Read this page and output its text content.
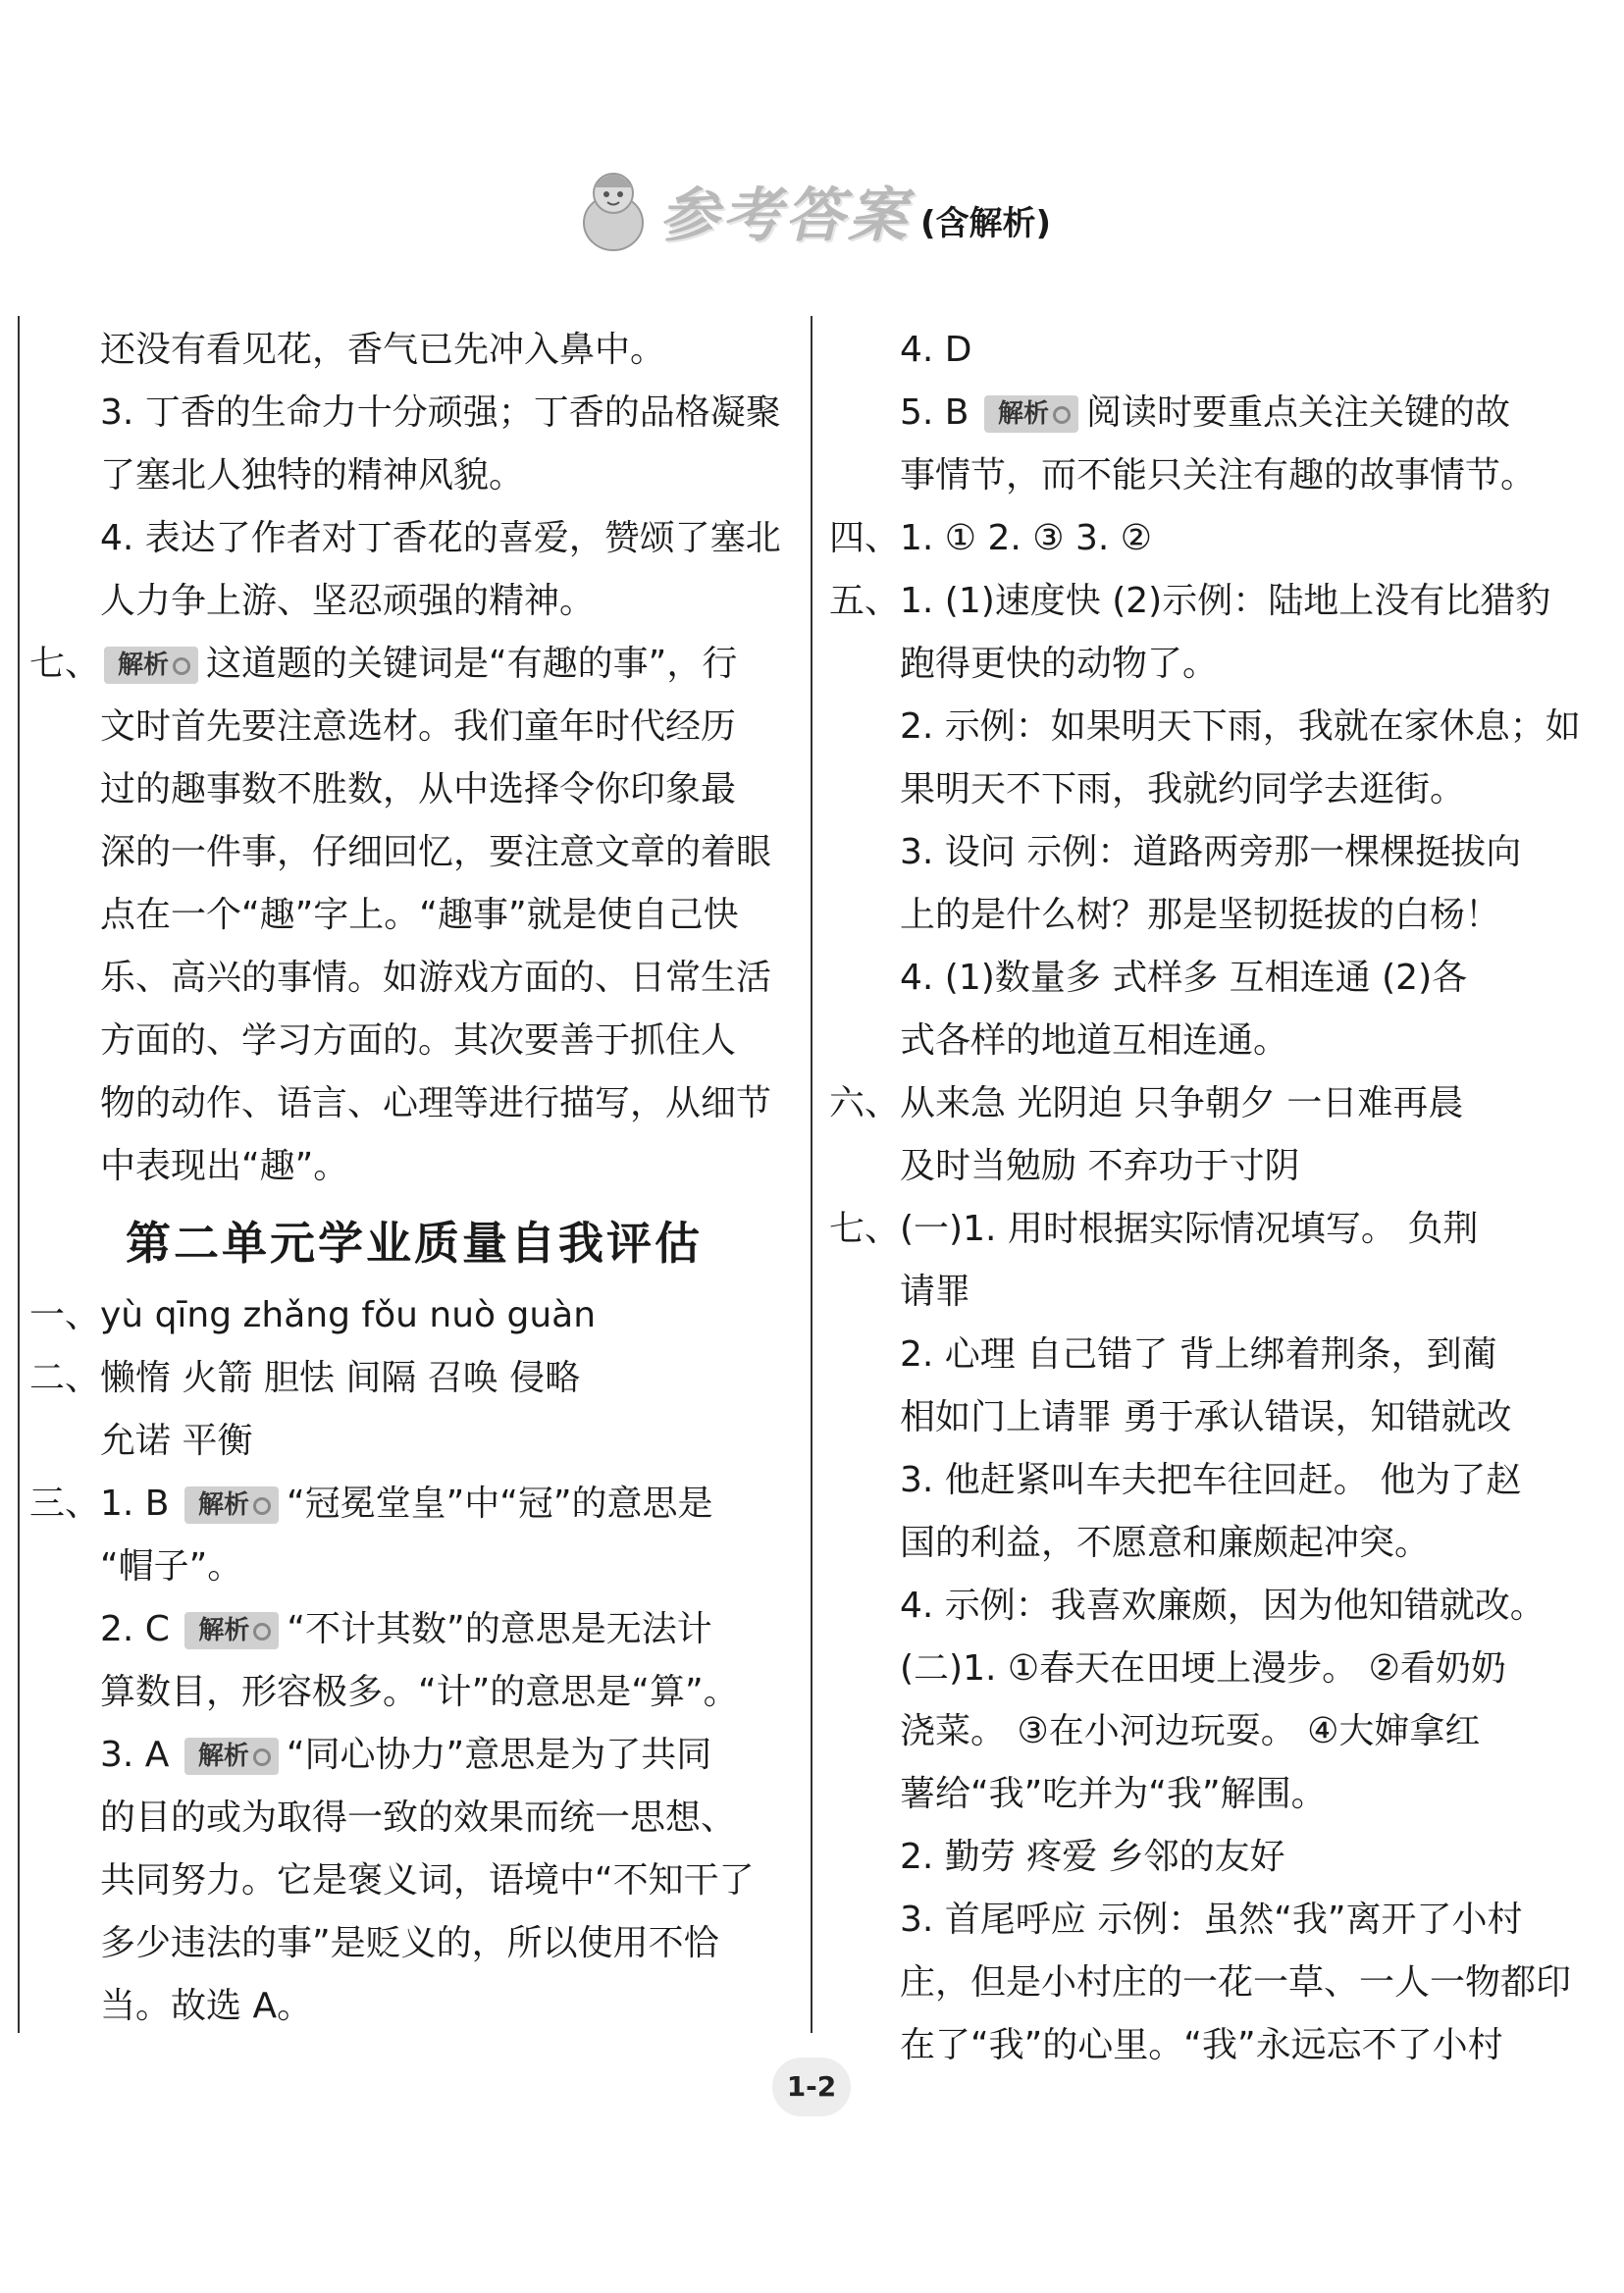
参考答案 (含解析)
还没有看见花，香气已先冲入鼻中。
3. 丁香的生命力十分顽强；丁香的品格凝聚
了塞北人独特的精神风貌。
4. 表达了作者对丁香花的喜爱，赞颂了塞北
人力争上游、坚忍顽强的精神。
七、 解析 这道题的关键词是“有趣的事”，行
文时首先要注意选材。我们童年时代经历
过的趣事数不胜数，从中选择令你印象最
深的一件事，仔细回忆，要注意文章的着眼
点在一个“趣”字上。“趣事”就是使自己快
乐、高兴的事情。如游戏方面的、日常生活
方面的、学习方面的。其次要善于抓住人
物的动作、语言、心理等进行描写，从细节
中表现出“趣”。
第二单元学业质量自我评估
一、yù qīng zhǎng fǒu nuò guàn
二、懒惰 火箭 胆怯 间隔 召唤 侵略
允诺 平衡
三、1. B 解析 “冠冕堂皇”中“冠”的意思是
“帽子”。
2. C 解析 “不计其数”的意思是无法计
算数目，形容极多。“计”的意思是“算”。
3. A 解析 “同心协力”意思是为了共同
的目的或为取得一致的效果而统一思想、
共同努力。它是褒义词，语境中“不知干了
多少违法的事”是贬义的，所以使用不恰
当。故选 A。
4. D
5. B 解析 阅读时要重点关注关键的故
事情节，而不能只关注有趣的故事情节。
四、1. ① 2. ③ 3. ②
五、1. (1)速度快 (2)示例：陆地上没有比猎豹
跑得更快的动物了。
2. 示例：如果明天下雨，我就在家休息；如
果明天不下雨，我就约同学去逛街。
3. 设问 示例：道路两旁那一棵棵挺拔向
上的是什么树？那是坚韧挺拔的白杨！
4. (1)数量多 式样多 互相连通 (2)各
式各样的地道互相连通。
六、从来急 光阴迫 只争朝夕 一日难再晨
及时当勉励 不弃功于寸阴
七、(一)1. 用时根据实际情况填写。 负荆
请罪
2. 心理 自己错了 背上绑着荆条，到蔺
相如门上请罪 勇于承认错误，知错就改
3. 他赶紧叫车夫把车往回赶。 他为了赵
国的利益，不愿意和廉颇起冲突。
4. 示例：我喜欢廉颇，因为他知错就改。
(二)1. ①春天在田埂上漫步。 ②看奶奶
浇菜。 ③在小河边玩耍。 ④大婶拿红
薯给“我”吃并为“我”解围。
2. 勤劳 疼爱 乡邻的友好
3. 首尾呼应 示例：虽然“我”离开了小村
庄，但是小村庄的一花一草、一人一物都印
在了“我”的心里。“我”永远忘不了小村
1-2
